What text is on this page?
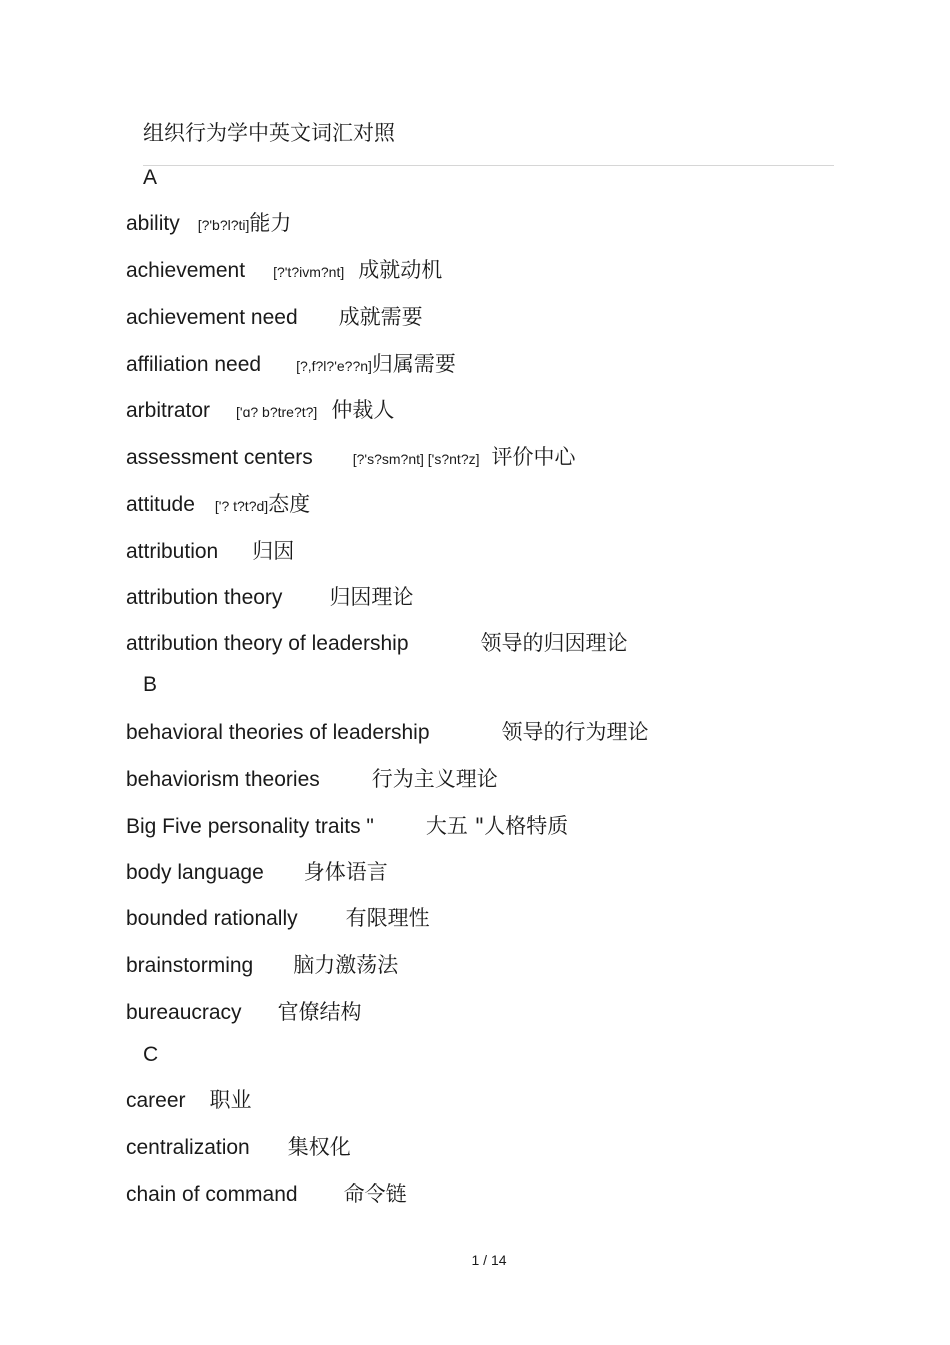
组织行为学中英文词汇对照
A
ability [?'b?l?ti] 能力
achievement [?'t?ivm?nt] 成就动机
achievement need 成就需要
affiliation need	[?,f?l?'e??n] 归属需要
arbitrator ['ɑ? b?tre?t?] 仲裁人
assessment centers	[?'s?sm?nt] ['s?nt?z] 评价中心
attitude ['? t?t?d] 态度
attribution 归因
attribution theory 归因理论
attribution theory of leadership	领导的归因理论
B
behavioral theories of leadership	领导的行为理论
behaviorism theories 行为主义理论
Big Five personality traits " 大五 "人格特质
body language 身体语言
bounded rationally 有限理性
brainstorming 脑力激荡法
bureaucracy 官僚结构
C
career 职业
centralization 集权化
chain of command 命令链
1 / 14
